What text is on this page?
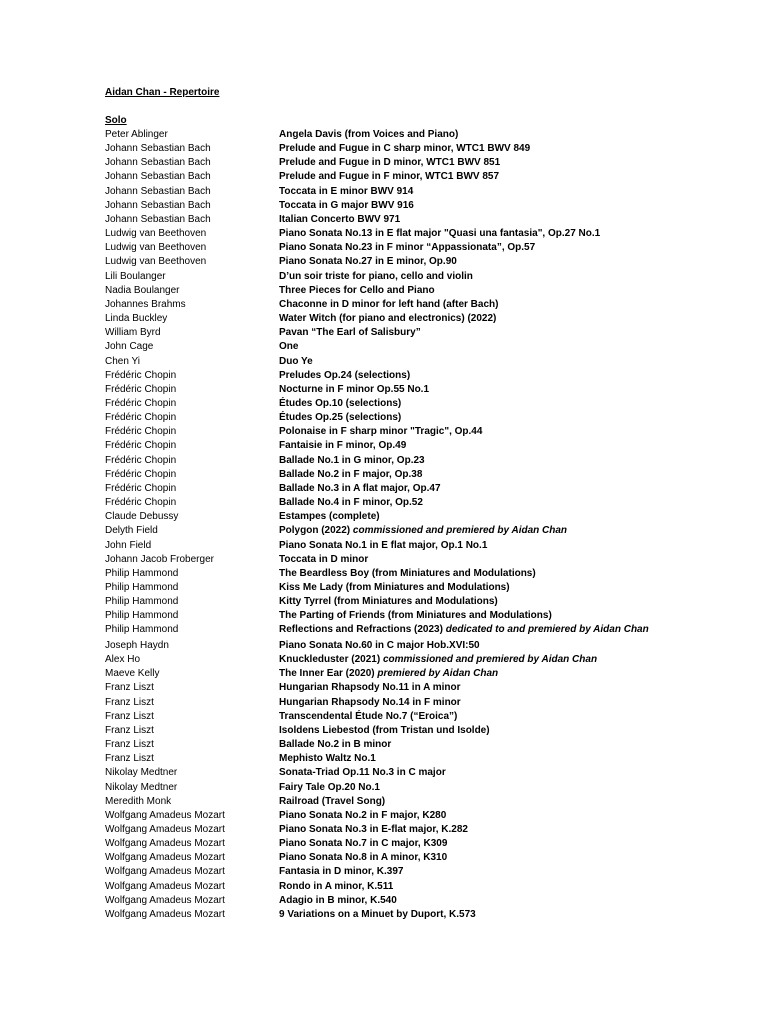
Aidan Chan - Repertoire
Solo
Peter Ablinger	Angela Davis (from Voices and Piano)
Johann Sebastian Bach	Prelude and Fugue in C sharp minor, WTC1 BWV 849
Johann Sebastian Bach	Prelude and Fugue in D minor, WTC1 BWV 851
Johann Sebastian Bach	Prelude and Fugue in F minor, WTC1 BWV 857
Johann Sebastian Bach	Toccata in E minor BWV 914
Johann Sebastian Bach	Toccata in G major BWV 916
Johann Sebastian Bach	Italian Concerto BWV 971
Ludwig van Beethoven	Piano Sonata No.13 in E flat major "Quasi una fantasia", Op.27 No.1
Ludwig van Beethoven	Piano Sonata No.23 in F minor “Appassionata”, Op.57
Ludwig van Beethoven	Piano Sonata No.27 in E minor, Op.90
Lili Boulanger	D’un soir triste for piano, cello and violin
Nadia Boulanger	Three Pieces for Cello and Piano
Johannes Brahms	Chaconne in D minor for left hand (after Bach)
Linda Buckley	Water Witch (for piano and electronics) (2022)
William Byrd	Pavan “The Earl of Salisbury”
John Cage	One
Chen Yi	Duo Ye
Frédéric Chopin	Preludes Op.24 (selections)
Frédéric Chopin	Nocturne in F minor Op.55 No.1
Frédéric Chopin	Études Op.10 (selections)
Frédéric Chopin	Études Op.25 (selections)
Frédéric Chopin	Polonaise in F sharp minor "Tragic", Op.44
Frédéric Chopin	Fantaisie in F minor, Op.49
Frédéric Chopin	Ballade No.1 in G minor, Op.23
Frédéric Chopin	Ballade No.2 in F major, Op.38
Frédéric Chopin	Ballade No.3 in A flat major, Op.47
Frédéric Chopin	Ballade No.4 in F minor, Op.52
Claude Debussy	Estampes (complete)
Delyth Field	Polygon (2022) commissioned and premiered by Aidan Chan
John Field	Piano Sonata No.1 in E flat major, Op.1 No.1
Johann Jacob Froberger	Toccata in D minor
Philip Hammond	The Beardless Boy (from Miniatures and Modulations)
Philip Hammond	Kiss Me Lady (from Miniatures and Modulations)
Philip Hammond	Kitty Tyrrel (from Miniatures and Modulations)
Philip Hammond	The Parting of Friends (from Miniatures and Modulations)
Philip Hammond	Reflections and Refractions (2023) dedicated to and premiered by Aidan Chan
Joseph Haydn	Piano Sonata No.60 in C major Hob.XVI:50
Alex Ho	Knuckleduster (2021) commissioned and premiered by Aidan Chan
Maeve Kelly	The Inner Ear (2020) premiered by Aidan Chan
Franz Liszt	Hungarian Rhapsody No.11 in A minor
Franz Liszt	Hungarian Rhapsody No.14 in F minor
Franz Liszt	Transcendental Étude No.7 (“Eroica”)
Franz Liszt	Isoldens Liebestod (from Tristan und Isolde)
Franz Liszt	Ballade No.2 in B minor
Franz Liszt	Mephisto Waltz No.1
Nikolay Medtner	Sonata-Triad Op.11 No.3 in C major
Nikolay Medtner	Fairy Tale Op.20 No.1
Meredith Monk	Railroad (Travel Song)
Wolfgang Amadeus Mozart	Piano Sonata No.2 in F major, K280
Wolfgang Amadeus Mozart	Piano Sonata No.3 in E-flat major, K.282
Wolfgang Amadeus Mozart	Piano Sonata No.7 in C major, K309
Wolfgang Amadeus Mozart	Piano Sonata No.8 in A minor, K310
Wolfgang Amadeus Mozart	Fantasia in D minor, K.397
Wolfgang Amadeus Mozart	Rondo in A minor, K.511
Wolfgang Amadeus Mozart	Adagio in B minor, K.540
Wolfgang Amadeus Mozart	9 Variations on a Minuet by Duport, K.573
